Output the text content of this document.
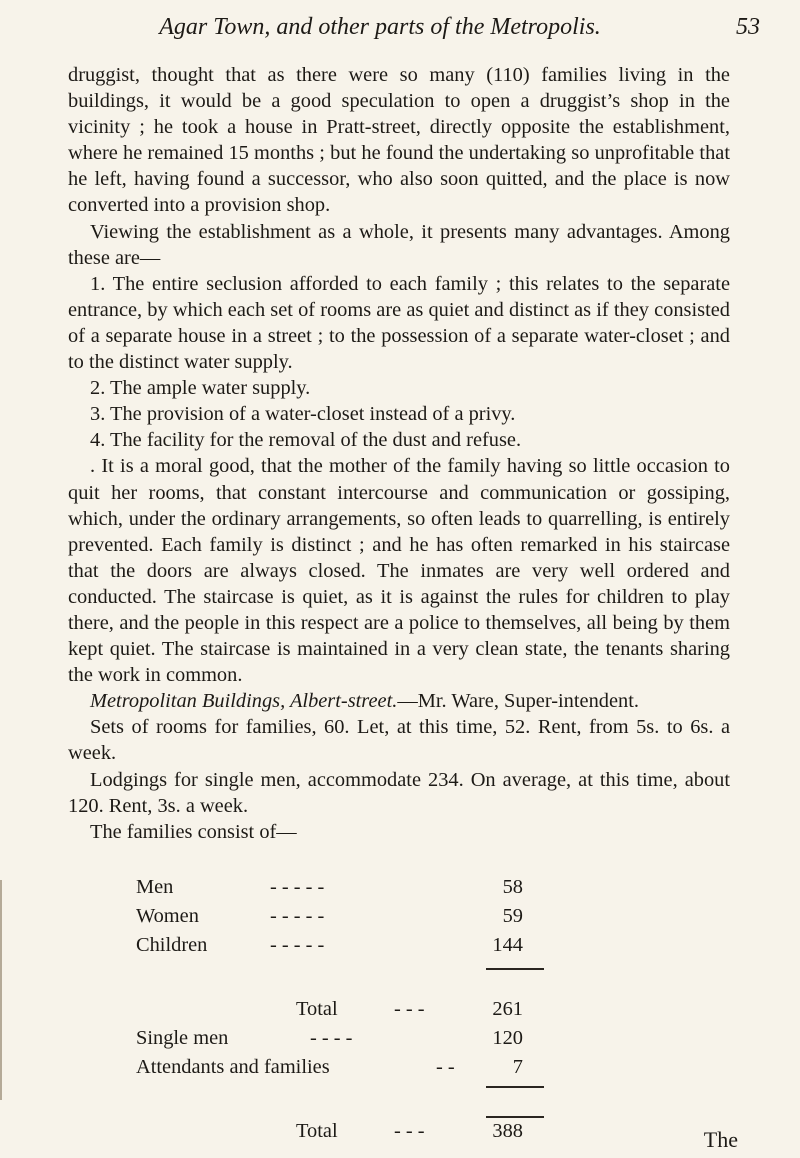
Agar Town, and other parts of the Metropolis.	53

druggist, thought that as there were so many (110) families living in the buildings, it would be a good speculation to open a druggist’s shop in the vicinity ; he took a house in Pratt-street, directly opposite the establishment, where he remained 15 months ; but he found the undertaking so unprofitable that he left, having found a successor, who also soon quitted, and the place is now converted into a provision shop.

Viewing the establishment as a whole, it presents many advantages. Among these are—

1. The entire seclusion afforded to each family ; this relates to the separate entrance, by which each set of rooms are as quiet and distinct as if they consisted of a separate house in a street ; to the possession of a separate water-closet ; and to the distinct water supply.

2. The ample water supply.

3. The provision of a water-closet instead of a privy.

4. The facility for the removal of the dust and refuse.

. It is a moral good, that the mother of the family having so little occasion to quit her rooms, that constant intercourse and communication or gossiping, which, under the ordinary arrangements, so often leads to quarrelling, is entirely prevented. Each family is distinct ; and he has often remarked in his staircase that the doors are always closed. The inmates are very well ordered and conducted. The staircase is quiet, as it is against the rules for children to play there, and the people in this respect are a police to themselves, all being by them kept quiet. The staircase is maintained in a very clean state, the tenants sharing the work in common.

Metropolitan Buildings, Albert-street.—Mr. Ware, Super-intendent.

Sets of rooms for families, 60. Let, at this time, 52. Rent, from 5s. to 6s. a week.

Lodgings for single men, accommodate 234. On average, at this time, about 120. Rent, 3s. a week.

The families consist of—

Men	- - - - -	58
Women	- - - - -	59
Children	- - - - -	144
Total	- - -	261
Single men	- - - -	120
Attendants and families	- -	7
Total	- - -	388	The
